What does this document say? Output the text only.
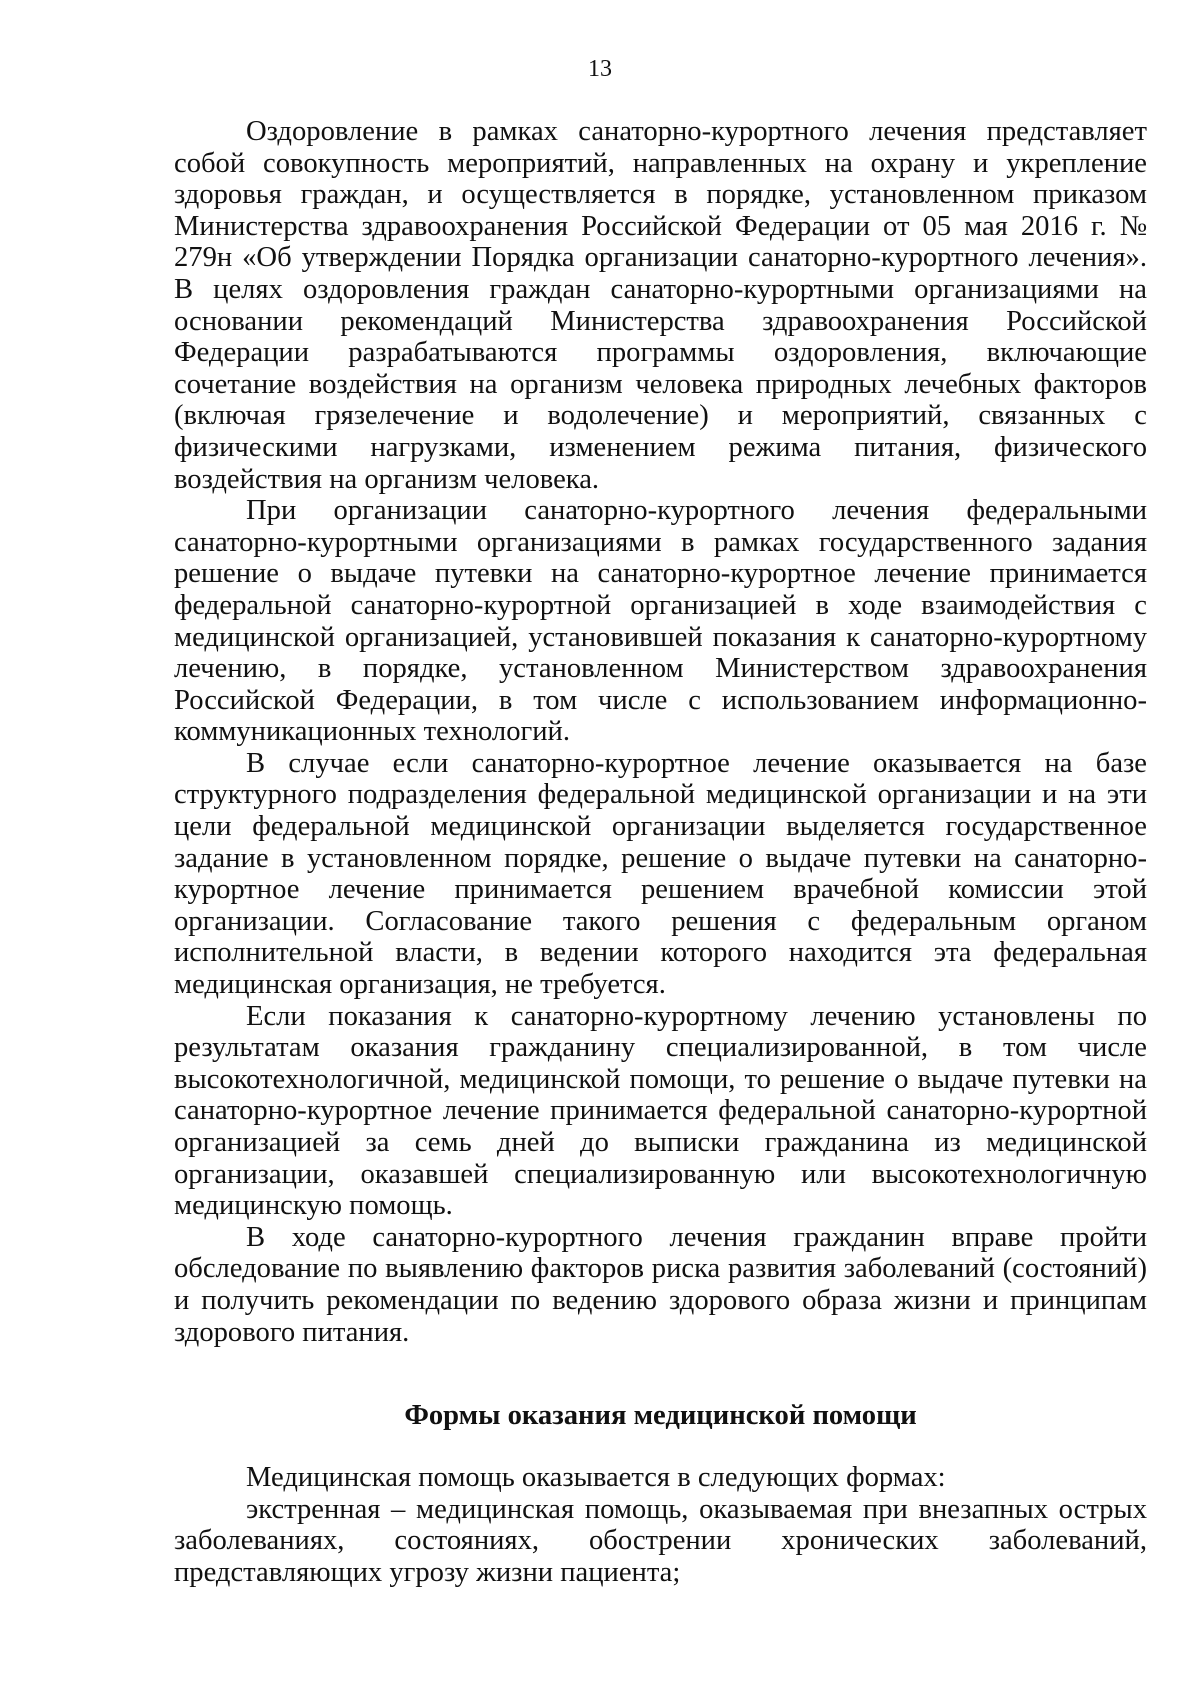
13

Оздоровление в рамках санаторно-курортного лечения представляет собой совокупность мероприятий, направленных на охрану и укрепление здоровья граждан, и осуществляется в порядке, установленном приказом Министерства здравоохранения Российской Федерации от 05 мая 2016 г. № 279н «Об утверждении Порядка организации санаторно-курортного лечения». В целях оздоровления граждан санаторно-курортными организациями на основании рекомендаций Министерства здравоохранения Российской Федерации разрабатываются программы оздоровления, включающие сочетание воздействия на организм человека природных лечебных факторов (включая грязелечение и водолечение) и мероприятий, связанных с физическими нагрузками, изменением режима питания, физического воздействия на организм человека.

При организации санаторно-курортного лечения федеральными санаторно-курортными организациями в рамках государственного задания решение о выдаче путевки на санаторно-курортное лечение принимается федеральной санаторно-курортной организацией в ходе взаимодействия с медицинской организацией, установившей показания к санаторно-курортному лечению, в порядке, установленном Министерством здравоохранения Российской Федерации, в том числе с использованием информационно-коммуникационных технологий.

В случае если санаторно-курортное лечение оказывается на базе структурного подразделения федеральной медицинской организации и на эти цели федеральной медицинской организации выделяется государственное задание в установленном порядке, решение о выдаче путевки на санаторно-курортное лечение принимается решением врачебной комиссии этой организации. Согласование такого решения с федеральным органом исполнительной власти, в ведении которого находится эта федеральная медицинская организация, не требуется.

Если показания к санаторно-курортному лечению установлены по результатам оказания гражданину специализированной, в том числе высокотехнологичной, медицинской помощи, то решение о выдаче путевки на санаторно-курортное лечение принимается федеральной санаторно-курортной организацией за семь дней до выписки гражданина из медицинской организации, оказавшей специализированную или высокотехнологичную медицинскую помощь.

В ходе санаторно-курортного лечения гражданин вправе пройти обследование по выявлению факторов риска развития заболеваний (состояний) и получить рекомендации по ведению здорового образа жизни и принципам здорового питания.

Формы оказания медицинской помощи

Медицинская помощь оказывается в следующих формах:

экстренная – медицинская помощь, оказываемая при внезапных острых заболеваниях, состояниях, обострении хронических заболеваний, представляющих угрозу жизни пациента;
